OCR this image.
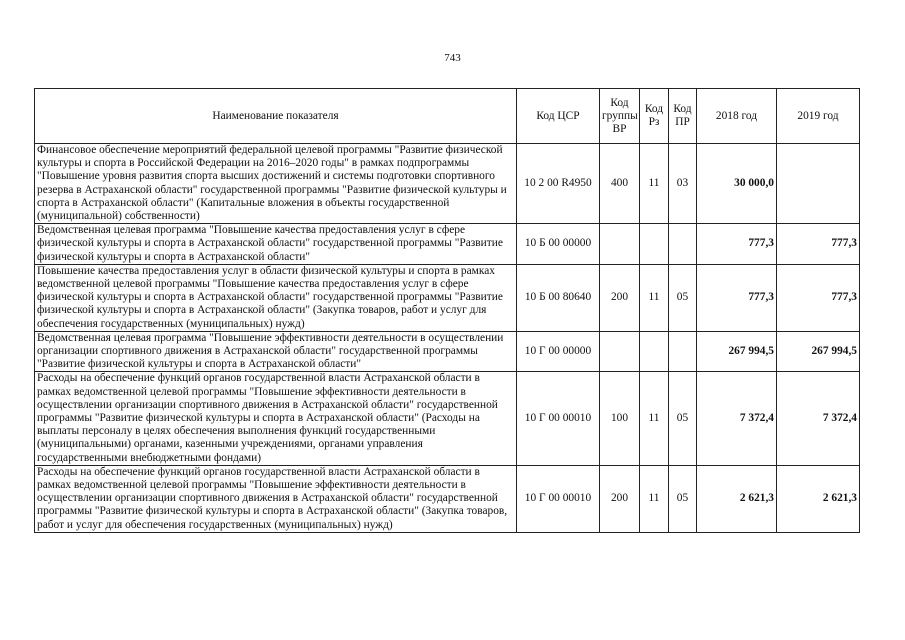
743
Наименование показателя	Код ЦСР	Код группы ВР	Код Рз	Код ПР	2018 год	2019 год
Финансовое обеспечение мероприятий федеральной целевой программы "Развитие физической культуры и спорта в Российской Федерации на 2016–2020 годы" в рамках подпрограммы "Повышение уровня развития спорта высших достижений и системы подготовки спортивного резерва в Астраханской области" государственной программы "Развитие физической культуры и спорта в Астраханской области" (Капитальные вложения в объекты государственной (муниципальной) собственности)	10 2 00 R4950	400	11	03	30 000,0	
Ведомственная целевая программа "Повышение качества предоставления услуг в сфере физической культуры и спорта в Астраханской области" государственной программы "Развитие физической культуры и спорта в Астраханской области"	10 Б 00 00000				777,3	777,3
Повышение качества предоставления услуг в области физической культуры и спорта в рамках ведомственной целевой программы "Повышение качества предоставления услуг в сфере физической культуры и спорта в Астраханской области" государственной программы "Развитие физической культуры и спорта в Астраханской области" (Закупка товаров, работ и услуг для обеспечения государственных (муниципальных) нужд)	10 Б 00 80640	200	11	05	777,3	777,3
Ведомственная целевая программа "Повышение эффективности деятельности в осуществлении организации спортивного движения в Астраханской области" государственной программы "Развитие физической культуры и спорта в Астраханской области"	10 Г 00 00000				267 994,5	267 994,5
Расходы на обеспечение функций органов государственной власти Астраханской области в рамках ведомственной целевой программы "Повышение эффективности деятельности в осуществлении организации спортивного движения в Астраханской области" государственной программы "Развитие физической культуры и спорта в Астраханской области" (Расходы на выплаты персоналу в целях обеспечения выполнения функций государственными (муниципальными) органами, казенными учреждениями, органами управления государственными внебюджетными фондами)	10 Г 00 00010	100	11	05	7 372,4	7 372,4
Расходы на обеспечение функций органов государственной власти Астраханской области в рамках ведомственной целевой программы "Повышение эффективности деятельности в осуществлении организации спортивного движения в Астраханской области" государственной программы "Развитие физической культуры и спорта в Астраханской области" (Закупка товаров, работ и услуг для обеспечения государственных (муниципальных) нужд)	10 Г 00 00010	200	11	05	2 621,3	2 621,3
